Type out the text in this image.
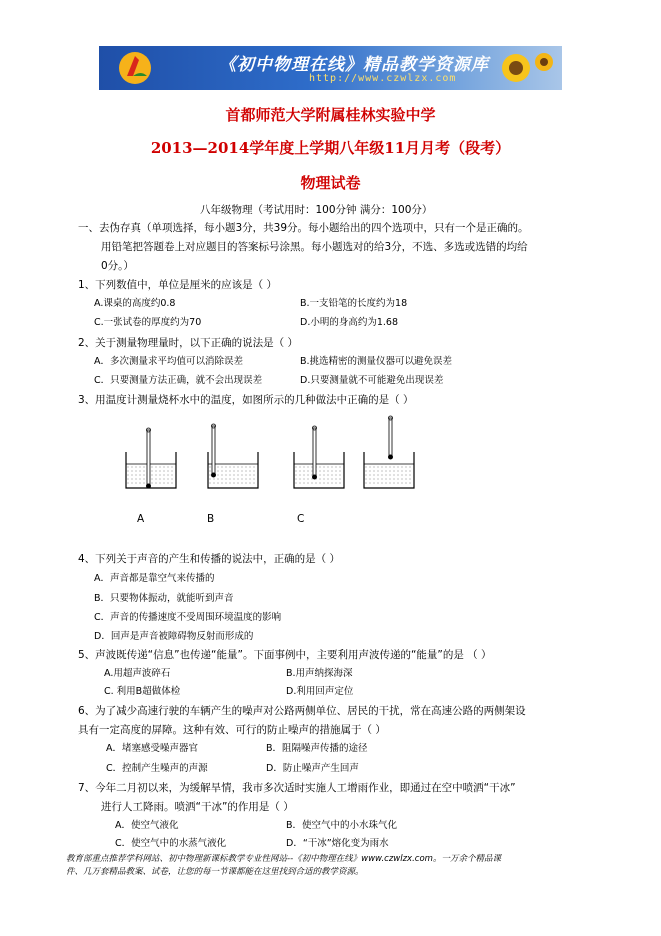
《初中物理在线》精品教学资源库
http://www.czwlzx.com
首都师范大学附属桂林实验中学
2013—2014学年度上学期八年级11月月考（段考）
物理试卷
八年级物理（考试用时：100分钟 满分：100分）
一、去伪存真（单项选择，每小题3分，共39分。每小题给出的四个选项中，只有一个是正确的。
用铅笔把答题卷上对应题目的答案标号涂黑。每小题选对的给3分，不选、多选或选错的均给
0分。）
1、下列数值中，单位是厘米的应该是（ ）
A.课桌的高度约0.8	B.一支铅笔的长度约为18
C.一张试卷的厚度约为70	D.小明的身高约为1.68
2、关于测量物理量时，以下正确的说法是（ ）
A．多次测量求平均值可以消除误差	B.挑选精密的测量仪器可以避免误差
C．只要测量方法正确，就不会出现误差	D.只要测量就不可能避免出现误差
3、用温度计测量烧杯水中的温度，如图所示的几种做法中正确的是（ ）
A	B	C
4、下列关于声音的产生和传播的说法中，正确的是（ ）
A．声音都是靠空气来传播的
B．只要物体振动，就能听到声音
C．声音的传播速度不受周围环境温度的影响
D．回声是声音被障碍物反射而形成的
5、声波既传递“信息”也传递“能量”。下面事例中，主要利用声波传递的“能量”的是 （ ）
A.用超声波碎石	B.用声纳探海深
C. 利用B超做体检	D.利用回声定位
6、为了减少高速行驶的车辆产生的噪声对公路两侧单位、居民的干扰，常在高速公路的两侧架设
具有一定高度的屏障。这种有效、可行的防止噪声的措施属于（ ）
A．堵塞感受噪声器官	B．阻隔噪声传播的途径
C．控制产生噪声的声源	D．防止噪声产生回声
7、今年二月初以来，为缓解旱情，我市多次适时实施人工增雨作业，即通过在空中喷洒“干冰”
进行人工降雨。喷洒“干冰”的作用是（ ）
A．使空气液化	B．使空气中的小水珠气化
C．使空气中的水蒸气液化	D．“干冰”熔化变为雨水
教育部重点推荐学科网站、初中物理新课标教学专业性网站--《初中物理在线》www.czwlzx.com。一万余个精品课
件、几万套精品教案、试卷，让您的每一节课都能在这里找到合适的教学资源。
